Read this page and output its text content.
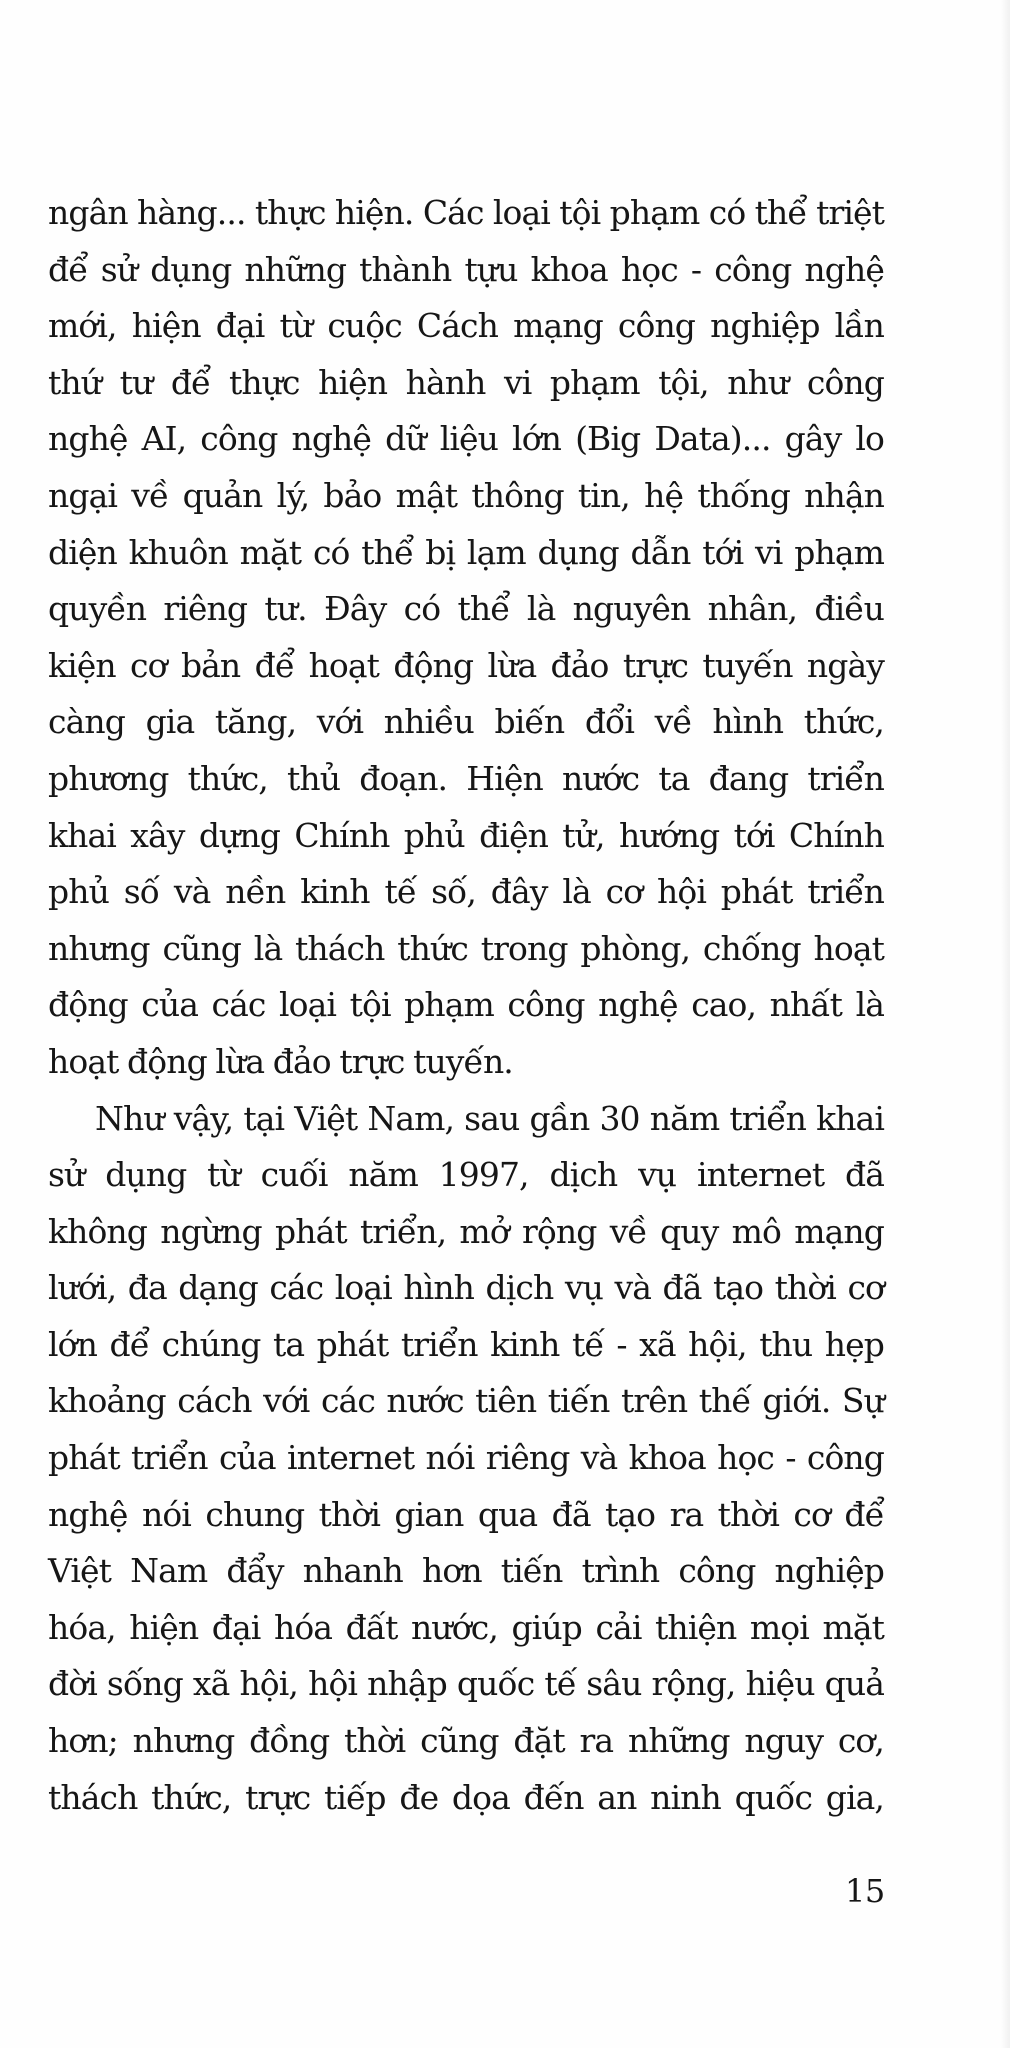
ngân hàng... thực hiện. Các loại tội phạm có thể triệt
để sử dụng những thành tựu khoa học - công nghệ
mới, hiện đại từ cuộc Cách mạng công nghiệp lần
thứ tư để thực hiện hành vi phạm tội, như công
nghệ AI, công nghệ dữ liệu lớn (Big Data)... gây lo
ngại về quản lý, bảo mật thông tin, hệ thống nhận
diện khuôn mặt có thể bị lạm dụng dẫn tới vi phạm
quyền riêng tư. Đây có thể là nguyên nhân, điều
kiện cơ bản để hoạt động lừa đảo trực tuyến ngày
càng gia tăng, với nhiều biến đổi về hình thức,
phương thức, thủ đoạn. Hiện nước ta đang triển
khai xây dựng Chính phủ điện tử, hướng tới Chính
phủ số và nền kinh tế số, đây là cơ hội phát triển
nhưng cũng là thách thức trong phòng, chống hoạt
động của các loại tội phạm công nghệ cao, nhất là
hoạt động lừa đảo trực tuyến.
Như vậy, tại Việt Nam, sau gần 30 năm triển khai
sử dụng từ cuối năm 1997, dịch vụ internet đã
không ngừng phát triển, mở rộng về quy mô mạng
lưới, đa dạng các loại hình dịch vụ và đã tạo thời cơ
lớn để chúng ta phát triển kinh tế - xã hội, thu hẹp
khoảng cách với các nước tiên tiến trên thế giới. Sự
phát triển của internet nói riêng và khoa học - công
nghệ nói chung thời gian qua đã tạo ra thời cơ để
Việt Nam đẩy nhanh hơn tiến trình công nghiệp
hóa, hiện đại hóa đất nước, giúp cải thiện mọi mặt
đời sống xã hội, hội nhập quốc tế sâu rộng, hiệu quả
hơn; nhưng đồng thời cũng đặt ra những nguy cơ,
thách thức, trực tiếp đe dọa đến an ninh quốc gia,
15
